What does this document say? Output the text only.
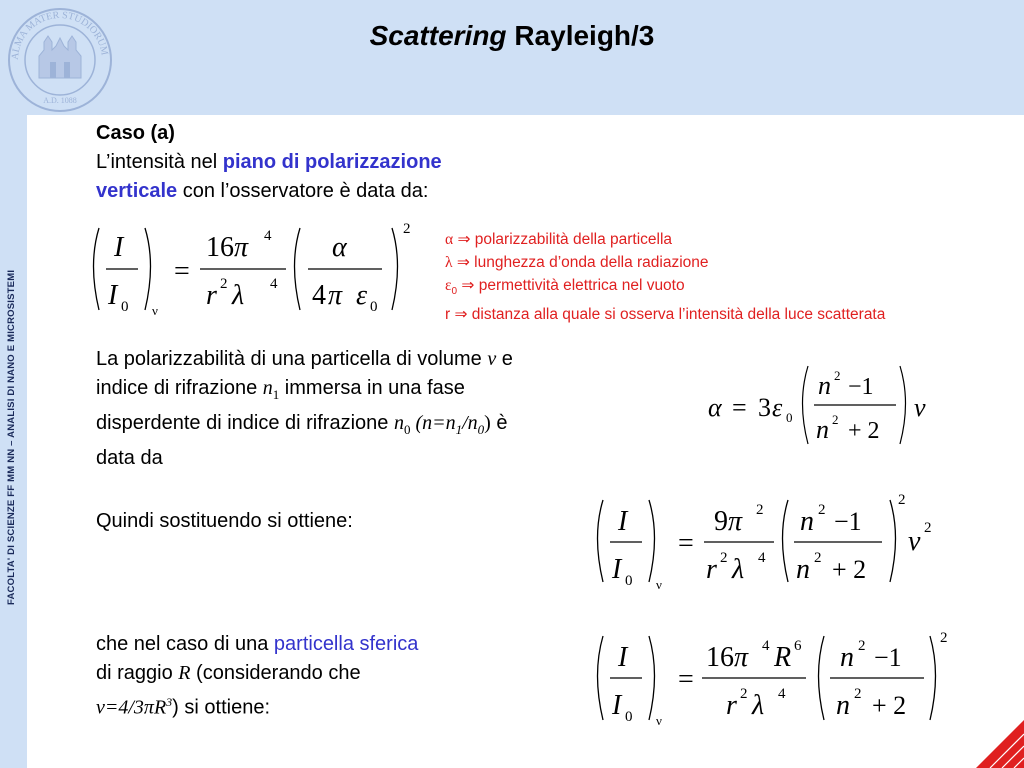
ALMA MATER STUDIORUM
A.D. 1088
FACOLTA' DI SCIENZE FF MM NN – ANALISI DI NANO E MICROSISTEMI
Scattering Rayleigh/3
Caso (a)
L’intensità nel piano di polarizzazione
verticale con l’osservatore è data da:
I
I 0 ν
=
16 π 4
r 2 λ 4
α
4 π ε 0
2
α ⇒ polarizzabilità della particella
λ ⇒ lunghezza d’onda della radiazione
$\varepsilon_0$ ⇒ permettività elettrica nel vuoto
r ⇒ distanza alla quale si osserva l’intensità della luce scatterata
La polarizzabilità di una particella di volume v e
indice di rifrazione $n_1$ immersa in una fase
disperdente di indice di rifrazione $n_0$ $(n=n_1/n_0)$ è
data da
α = 3 ε 0
n 2 −1
n 2 + 2
v
Quindi sostituendo si ottiene:	I
I 0 ν
=
9 π 2
r 2 λ 4
n 2 −1
n 2 + 2
2
v 2
che nel caso di una particella sferica
di raggio R (considerando che
$v=4/3\pi R^3$) si ottiene:
I
I 0 ν
=
16 π 4 R 6
r 2 λ 4
n 2 −1
n 2 + 2
2
